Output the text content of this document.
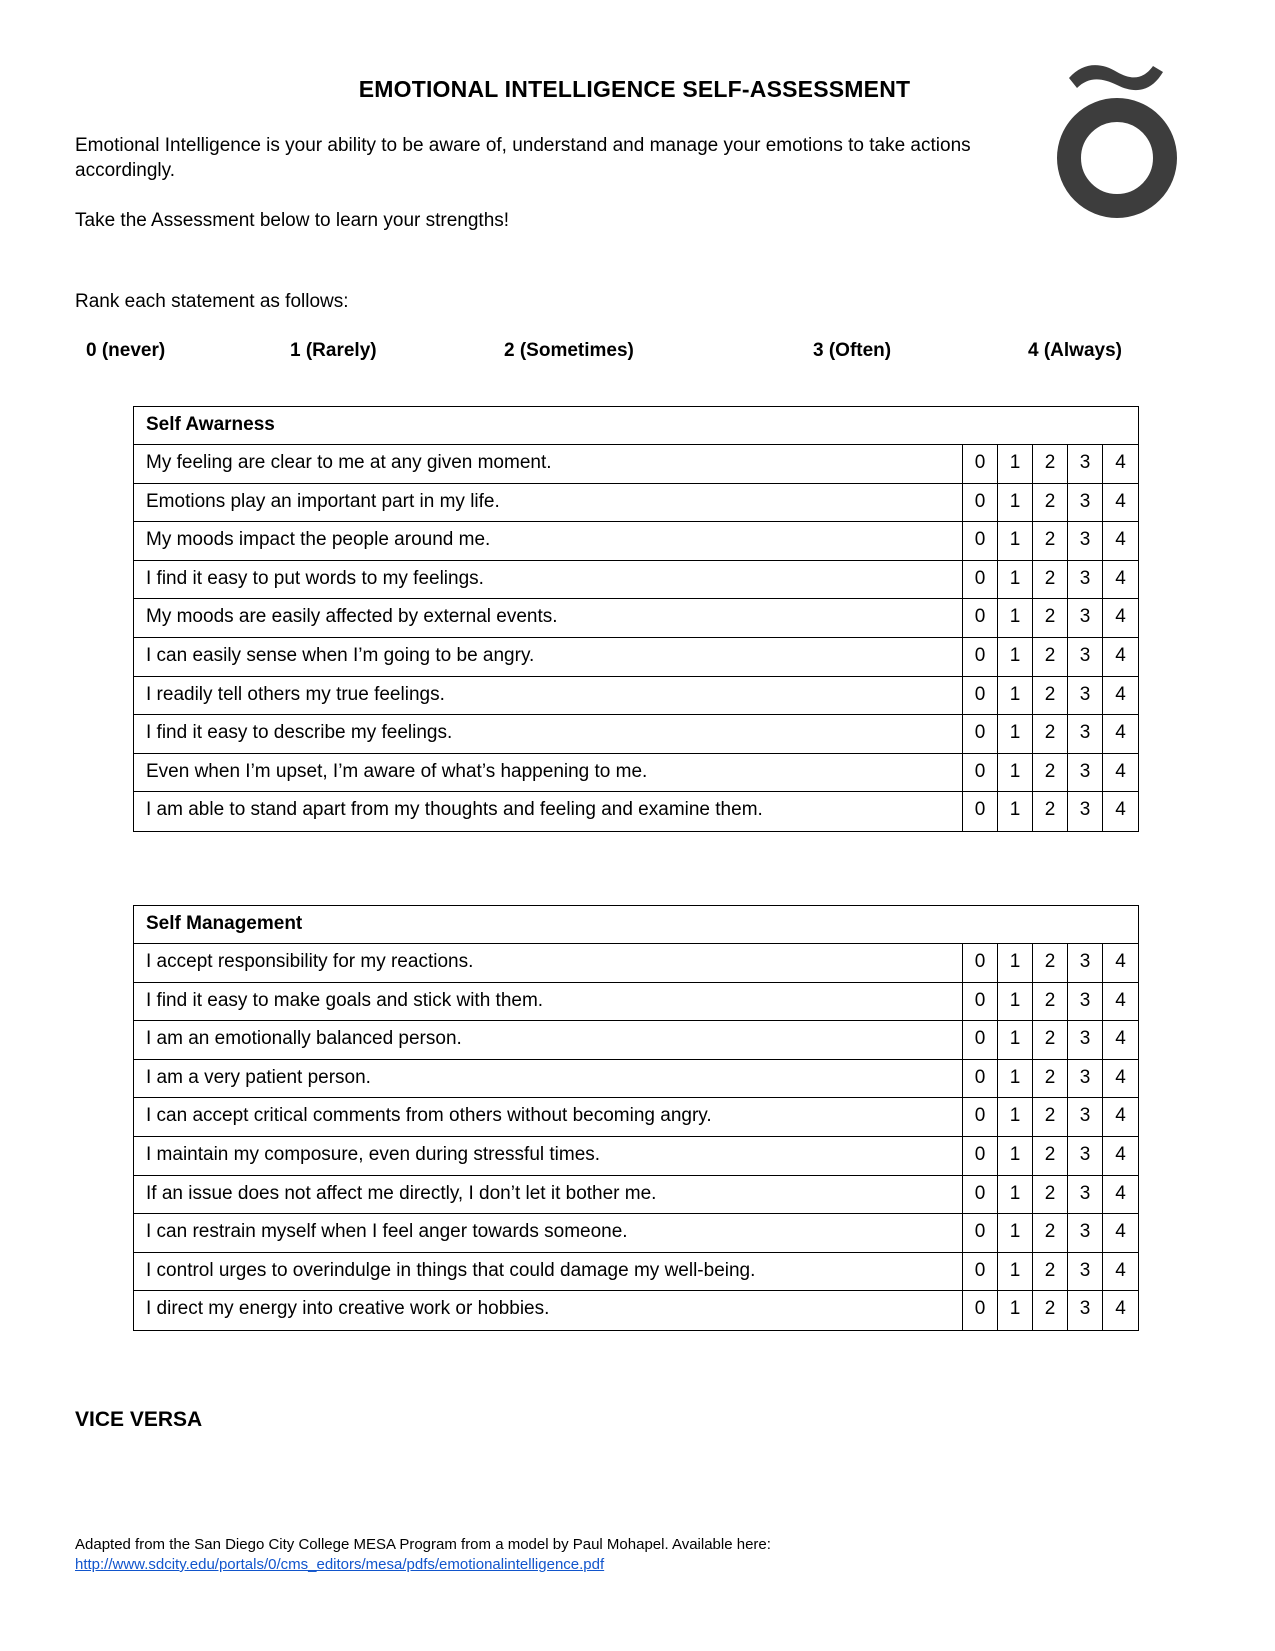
EMOTIONAL INTELLIGENCE SELF-ASSESSMENT
Emotional Intelligence is your ability to be aware of, understand and manage your emotions to take actions accordingly.
Take the Assessment below to learn your strengths!
Rank each statement as follows:
0 (never)	1 (Rarely)	2 (Sometimes)	3 (Often)	4 (Always)
Self Awarness
My feeling are clear to me at any given moment.	0	1	2	3	4
Emotions play an important part in my life.	0	1	2	3	4
My moods impact the people around me.	0	1	2	3	4
I find it easy to put words to my feelings.	0	1	2	3	4
My moods are easily affected by external events.	0	1	2	3	4
I can easily sense when I’m going to be angry.	0	1	2	3	4
I readily tell others my true feelings.	0	1	2	3	4
I find it easy to describe my feelings.	0	1	2	3	4
Even when I’m upset, I’m aware of what’s happening to me.	0	1	2	3	4
I am able to stand apart from my thoughts and feeling and examine them.	0	1	2	3	4
Self Management
I accept responsibility for my reactions.	0	1	2	3	4
I find it easy to make goals and stick with them.	0	1	2	3	4
I am an emotionally balanced person.	0	1	2	3	4
I am a very patient person.	0	1	2	3	4
I can accept critical comments from others without becoming angry.	0	1	2	3	4
I maintain my composure, even during stressful times.	0	1	2	3	4
If an issue does not affect me directly, I don’t let it bother me.	0	1	2	3	4
I can restrain myself when I feel anger towards someone.	0	1	2	3	4
I control urges to overindulge in things that could damage my well-being.	0	1	2	3	4
I direct my energy into creative work or hobbies.	0	1	2	3	4
VICE VERSA
Adapted from the San Diego City College MESA Program from a model by Paul Mohapel. Available here:
http://www.sdcity.edu/portals/0/cms_editors/mesa/pdfs/emotionalintelligence.pdf
